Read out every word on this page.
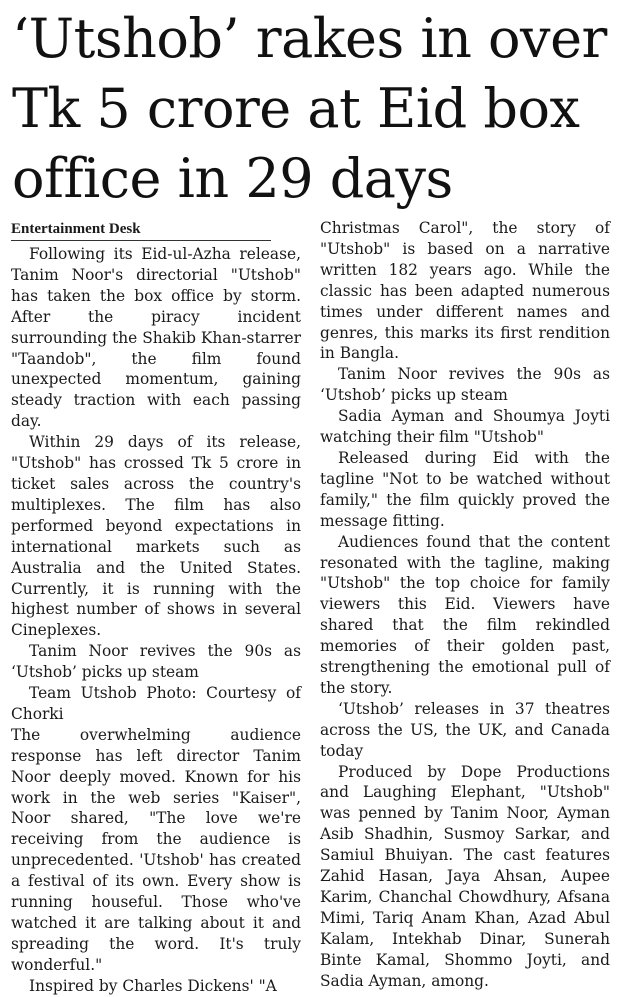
‘Utshob’ rakes in over Tk 5 crore at Eid box office in 29 days
Entertainment Desk

Following its Eid-ul-Azha release, Tanim Noor's directorial "Utshob" has taken the box office by storm. After the piracy incident surrounding the Shakib Khan-starrer "Taandob", the film found unexpected momentum, gaining steady traction with each passing day.

Within 29 days of its release, "Utshob" has crossed Tk 5 crore in ticket sales across the country's multiplexes. The film has also performed beyond expectations in international markets such as Australia and the United States. Currently, it is running with the highest number of shows in several Cineplexes.

Tanim Noor revives the 90s as ‘Utshob’ picks up steam

Team Utshob Photo: Courtesy of Chorki

The overwhelming audience response has left director Tanim Noor deeply moved. Known for his work in the web series "Kaiser", Noor shared, "The love we're receiving from the audience is unprecedented. 'Utshob' has created a festival of its own. Every show is running houseful. Those who've watched it are talking about it and spreading the word. It's truly wonderful."

Inspired by Charles Dickens' "A

Christmas Carol", the story of "Utshob" is based on a narrative written 182 years ago. While the classic has been adapted numerous times under different names and genres, this marks its first rendition in Bangla.

Tanim Noor revives the 90s as ‘Utshob’ picks up steam

Sadia Ayman and Shoumya Joyti watching their film "Utshob"

Released during Eid with the tagline "Not to be watched without family," the film quickly proved the message fitting.

Audiences found that the content resonated with the tagline, making "Utshob" the top choice for family viewers this Eid. Viewers have shared that the film rekindled memories of their golden past, strengthening the emotional pull of the story.

‘Utshob’ releases in 37 theatres across the US, the UK, and Canada today

Produced by Dope Productions and Laughing Elephant, "Utshob" was penned by Tanim Noor, Ayman Asib Shadhin, Susmoy Sarkar, and Samiul Bhuiyan. The cast features Zahid Hasan, Jaya Ahsan, Aupee Karim, Chanchal Chowdhury, Afsana Mimi, Tariq Anam Khan, Azad Abul Kalam, Intekhab Dinar, Sunerah Binte Kamal, Shommo Joyti, and Sadia Ayman, among.
